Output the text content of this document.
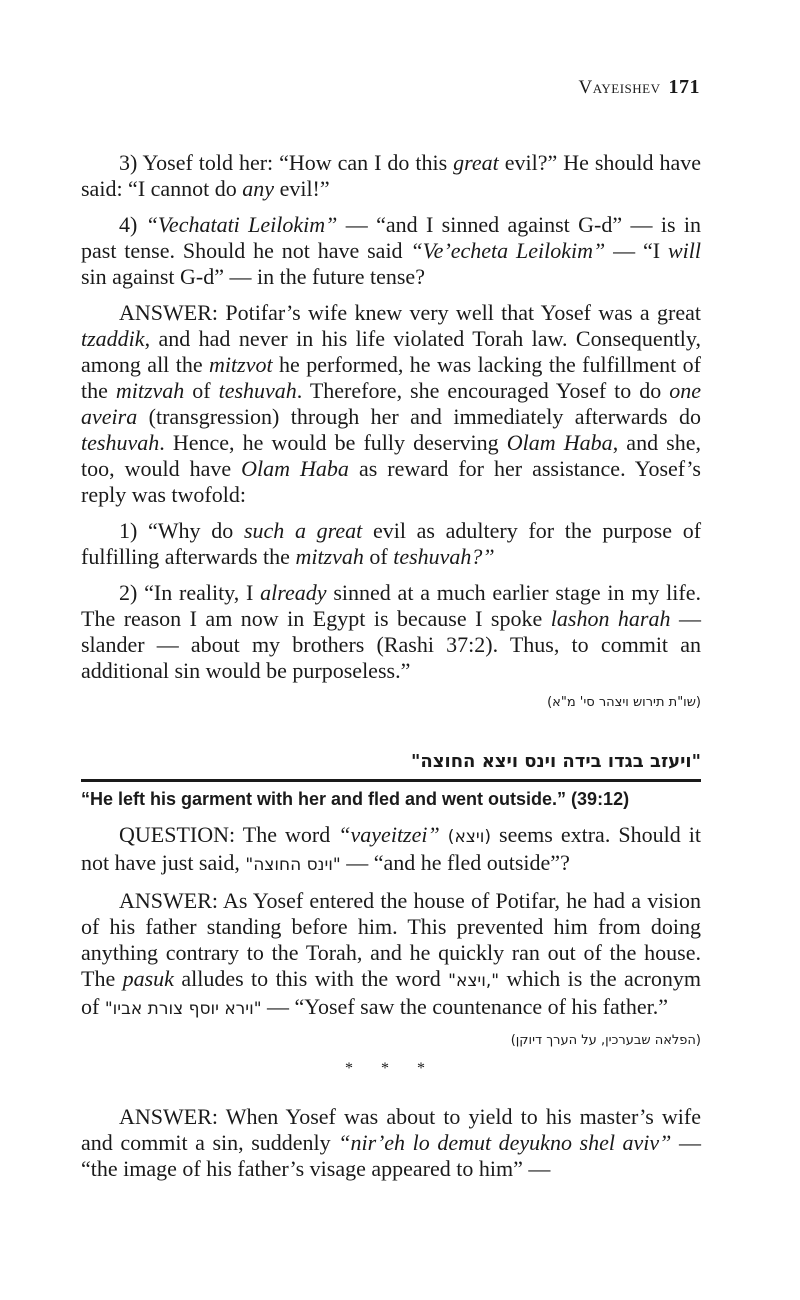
Vayeishev 171

3) Yosef told her: “How can I do this great evil?” He should have said: “I cannot do any evil!”

4) “Vechatati Leilokim” — “and I sinned against G-d” — is in past tense. Should he not have said “Ve’echeta Leilokim” — “I will sin against G-d” — in the future tense?

ANSWER: Potifar’s wife knew very well that Yosef was a great tzaddik, and had never in his life violated Torah law. Consequently, among all the mitzvot he performed, he was lacking the fulfillment of the mitzvah of teshuvah. Therefore, she encouraged Yosef to do one aveira (transgression) through her and immediately afterwards do teshuvah. Hence, he would be fully deserving Olam Haba, and she, too, would have Olam Haba as reward for her assistance. Yosef’s reply was twofold:

1) “Why do such a great evil as adultery for the purpose of fulfilling afterwards the mitzvah of teshuvah?”

2) “In reality, I already sinned at a much earlier stage in my life. The reason I am now in Egypt is because I spoke lashon harah — slander — about my brothers (Rashi 37:2). Thus, to commit an additional sin would be purposeless.”

(שו"ת תירוש ויצהר סי' מ"א)
"ויעזב בגדו בידה וינס ויצא החוצה"
“He left his garment with her and fled and went outside.” (39:12)

QUESTION: The word “vayeitzei” (ויצא) seems extra. Should it not have just said, "וינס החוצה" — “and he fled outside”?

ANSWER: As Yosef entered the house of Potifar, he had a vision of his father standing before him. This prevented him from doing anything contrary to the Torah, and he quickly ran out of the house. The pasuk alludes to this with the word "ויצא," which is the acronym of "וירא יוסף צורת אביו" — “Yosef saw the countenance of his father.”

(הפלאה שבערכין, על הערך דיוקן)
* * *

ANSWER: When Yosef was about to yield to his master’s wife and commit a sin, suddenly “nir’eh lo demut deyukno shel aviv” — “the image of his father’s visage appeared to him” —
